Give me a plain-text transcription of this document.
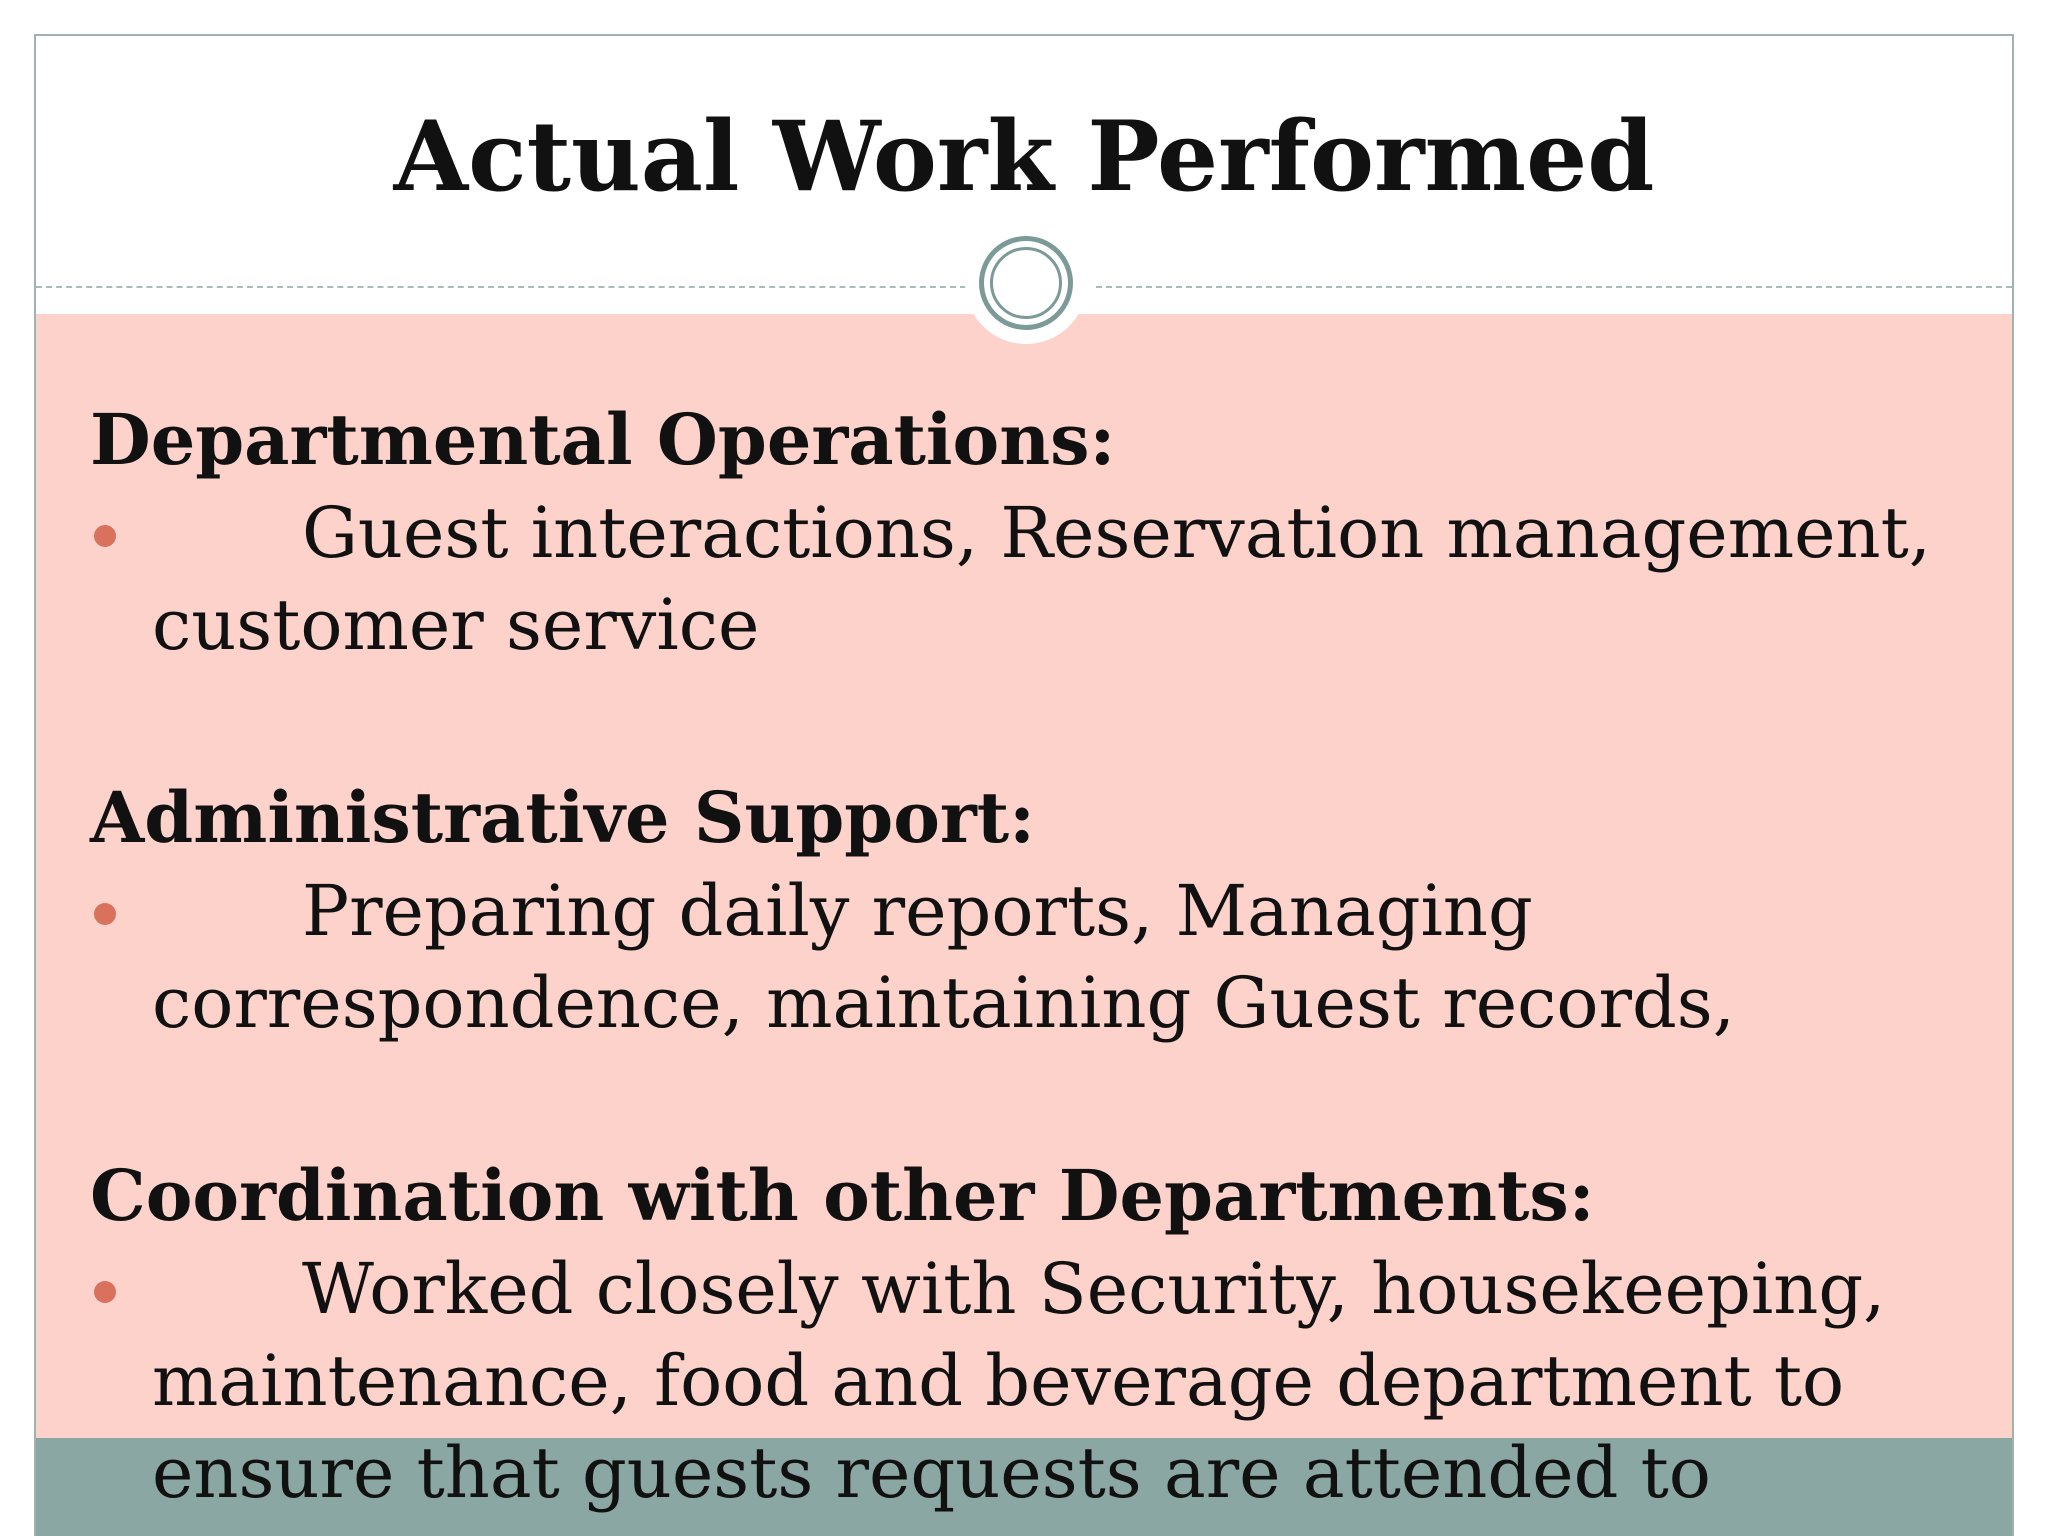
Actual Work Performed

Departmental Operations:

Guest interactions, Reservation management, customer service

Administrative Support:

Preparing daily reports, Managing correspondence, maintaining Guest records,

Coordination with other Departments:

Worked closely with Security, housekeeping, maintenance, food and beverage department to ensure that guests requests are attended to
